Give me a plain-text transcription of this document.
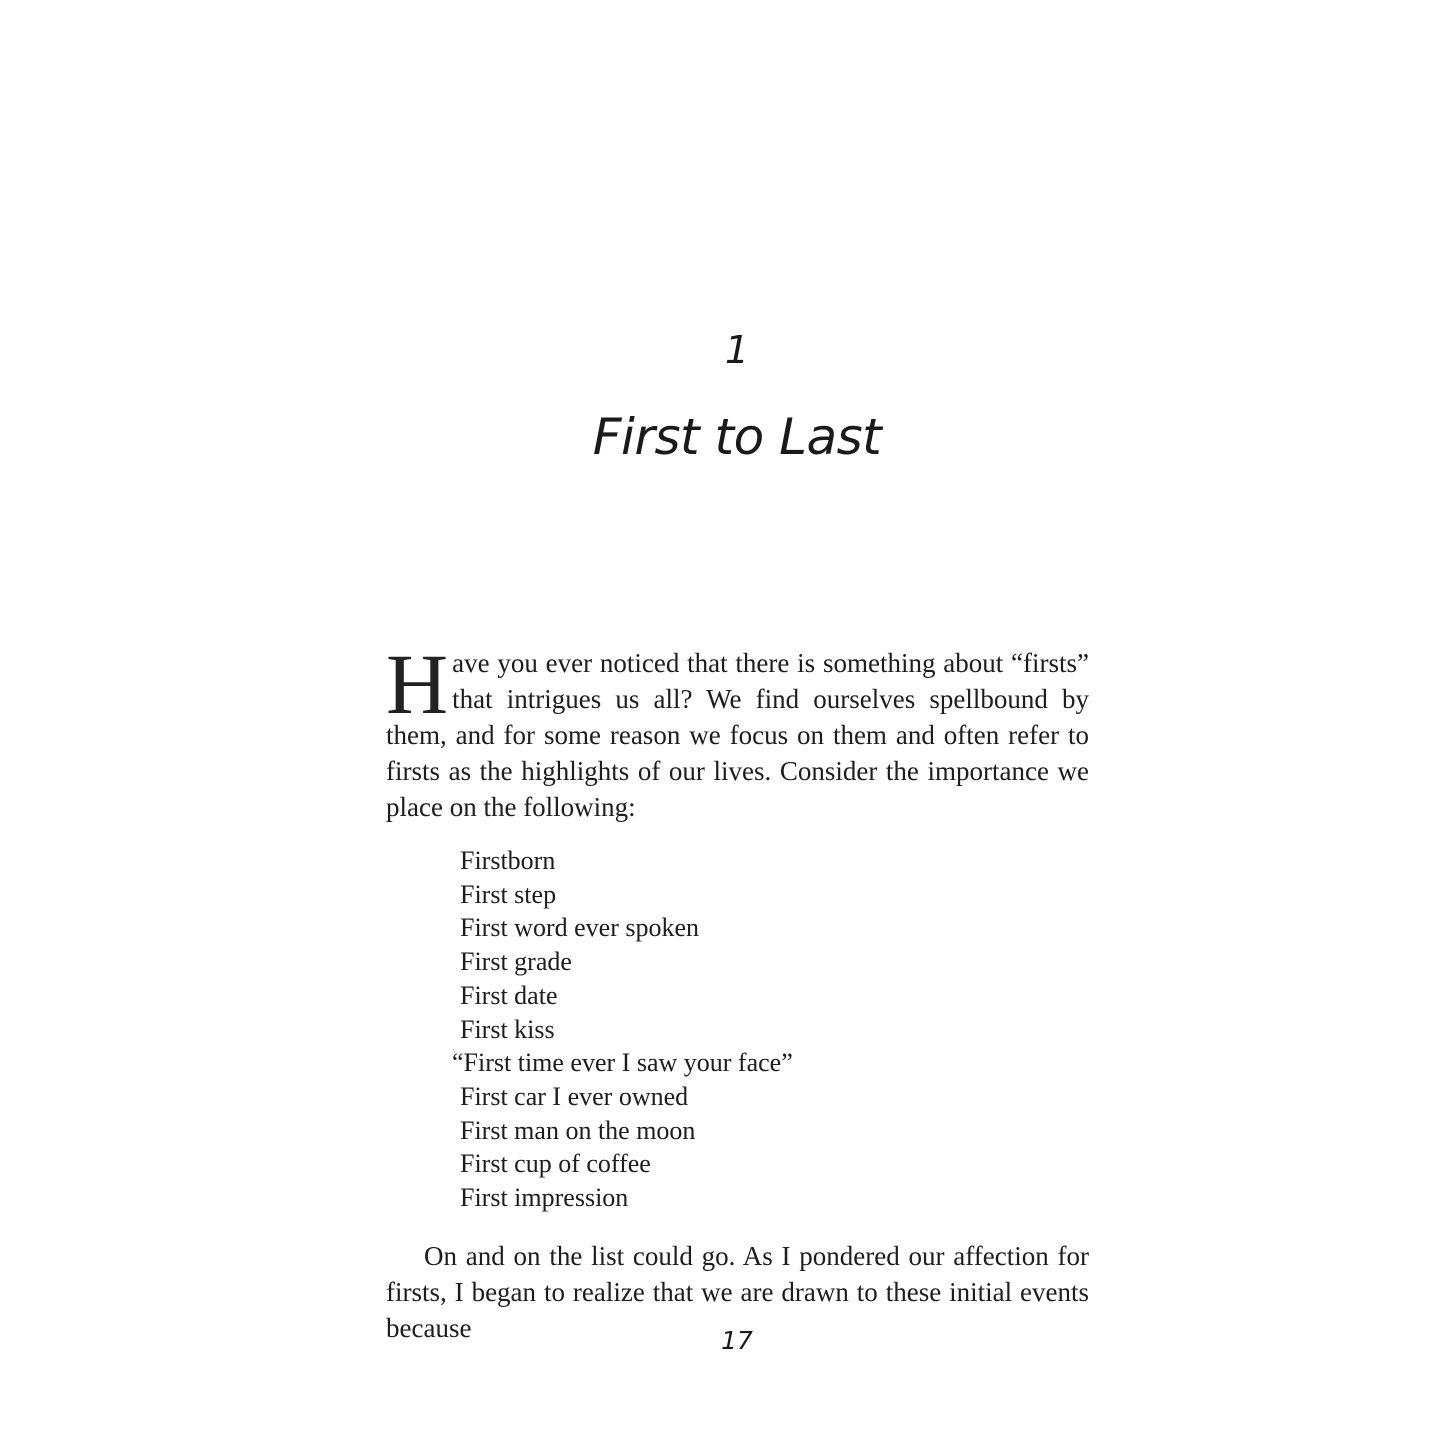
1
First to Last
Have you ever noticed that there is something about “firsts” that intrigues us all? We find ourselves spellbound by them, and for some reason we focus on them and often refer to firsts as the highlights of our lives. Consider the importance we place on the following:
Firstborn
First step
First word ever spoken
First grade
First date
First kiss
“First time ever I saw your face”
First car I ever owned
First man on the moon
First cup of coffee
First impression
On and on the list could go. As I pondered our affection for firsts, I began to realize that we are drawn to these initial events because	17
